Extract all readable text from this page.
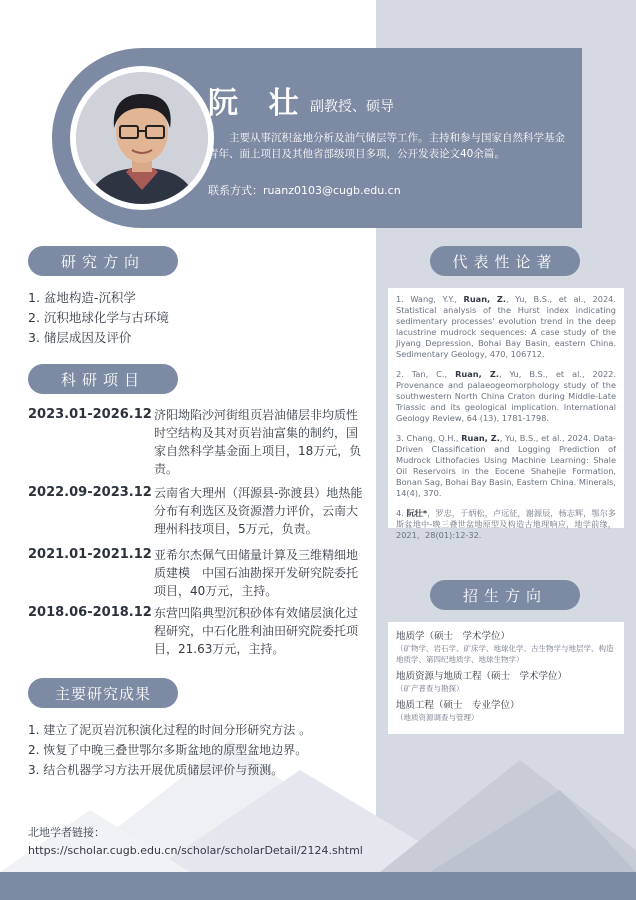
阮 壮 副教授、硕导
主要从事沉积盆地分析及油气储层等工作。主持和参与国家自然科学基金青年、面上项目及其他省部级项目多项，公开发表论文40余篇。
联系方式：ruanz0103@cugb.edu.cn
研究方向
1. 盆地构造-沉积学
2. 沉积地球化学与古环境
3. 储层成因及评价
科研项目
2023.01-2026.12 济阳坳陷沙河街组页岩油储层非均质性时空结构及其对页岩油富集的制约，国家自然科学基金面上项目，18万元，负责。
2022.09-2023.12 云南省大理州（洱源县-弥渡县）地热能分布有利选区及资源潜力评价，云南大理州科技项目，5万元，负责。
2021.01-2021.12 亚希尔杰佩气田储量计算及三维精细地质建模　中国石油勘探开发研究院委托项目，40万元，主持。
2018.06-2018.12 东营凹陷典型沉积砂体有效储层演化过程研究，中石化胜利油田研究院委托项目，21.63万元，主持。
主要研究成果
1. 建立了泥页岩沉积演化过程的时间分形研究方法 。
2. 恢复了中晚三叠世鄂尔多斯盆地的原型盆地边界。
3. 结合机器学习方法开展优质储层评价与预测。
北地学者链接：
https://scholar.cugb.edu.cn/scholar/scholarDetail/2124.shtml
代表性论著
1. Wang, Y.Y., Ruan, Z., Yu, B.S., et al., 2024. Statistical analysis of the Hurst index indicating sedimentary processes' evolution trend in the deep lacustrine mudrock sequences: A case study of the Jiyang Depression, Bohai Bay Basin, eastern China. Sedimentary Geology, 470, 106712.
2. Tan, C., Ruan, Z., Yu, B.S., et al., 2022. Provenance and palaeogeomorphology study of the southwestern North China Craton during Middle-Late Triassic and its geological implication. International Geology Review, 64 (13), 1781-1798.
3. Chang, Q.H., Ruan, Z., Yu, B.S., et al., 2024. Data-Driven Classification and Logging Prediction of Mudrock Lithofacies Using Machine Learning: Shale Oil Reservoirs in the Eocene Shahejie Formation, Bonan Sag, Bohai Bay Basin, Eastern China. Minerals, 14(4), 370.
4. 阮壮*，罗忠，于炳松，卢远征，谢源辰，杨志辉，鄂尔多斯盆地中-晚三叠世盆地原型及构造古地理响应，地学前缘，2021，28(01):12-32.
招生方向
地质学（硕士　学术学位）
（矿物学、岩石学、矿床学、地球化学、古生物学与地层学、构造地质学、第四纪地质学、地球生物学）
地质资源与地质工程（硕士　学术学位）
（矿产普查与勘探）
地质工程（硕士　专业学位）
（地质资源调查与管理）
